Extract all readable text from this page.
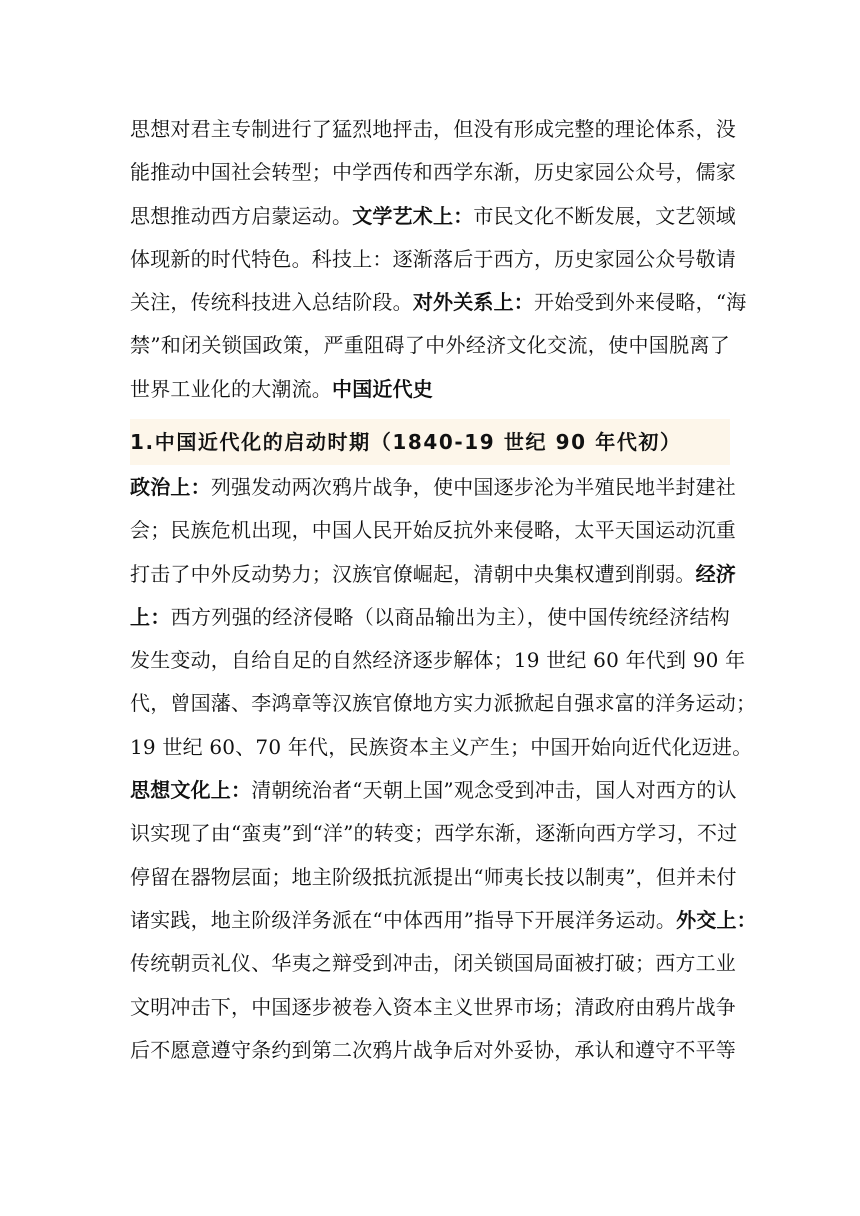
思想对君主专制进行了猛烈地抨击，但没有形成完整的理论体系，没
能推动中国社会转型；中学西传和西学东渐，历史家园公众号，儒家
思想推动西方启蒙运动。文学艺术上：市民文化不断发展，文艺领域
体现新的时代特色。科技上：逐渐落后于西方，历史家园公众号敬请
关注，传统科技进入总结阶段。对外关系上：开始受到外来侵略，“海
禁”和闭关锁国政策，严重阻碍了中外经济文化交流，使中国脱离了
世界工业化的大潮流。中国近代史
1.中国近代化的启动时期（1840-19 世纪 90 年代初）
政治上：列强发动两次鸦片战争，使中国逐步沦为半殖民地半封建社
会；民族危机出现，中国人民开始反抗外来侵略，太平天国运动沉重
打击了中外反动势力；汉族官僚崛起，清朝中央集权遭到削弱。经济
上：西方列强的经济侵略（以商品输出为主），使中国传统经济结构
发生变动，自给自足的自然经济逐步解体；19 世纪 60 年代到 90 年
代，曾国藩、李鸿章等汉族官僚地方实力派掀起自强求富的洋务运动；
19 世纪 60、70 年代，民族资本主义产生；中国开始向近代化迈进。
思想文化上：清朝统治者“天朝上国”观念受到冲击，国人对西方的认
识实现了由“蛮夷”到“洋”的转变；西学东渐，逐渐向西方学习，不过
停留在器物层面；地主阶级抵抗派提出“师夷长技以制夷”，但并未付
诸实践，地主阶级洋务派在“中体西用”指导下开展洋务运动。外交上：
传统朝贡礼仪、华夷之辩受到冲击，闭关锁国局面被打破；西方工业
文明冲击下，中国逐步被卷入资本主义世界市场；清政府由鸦片战争
后不愿意遵守条约到第二次鸦片战争后对外妥协，承认和遵守不平等
